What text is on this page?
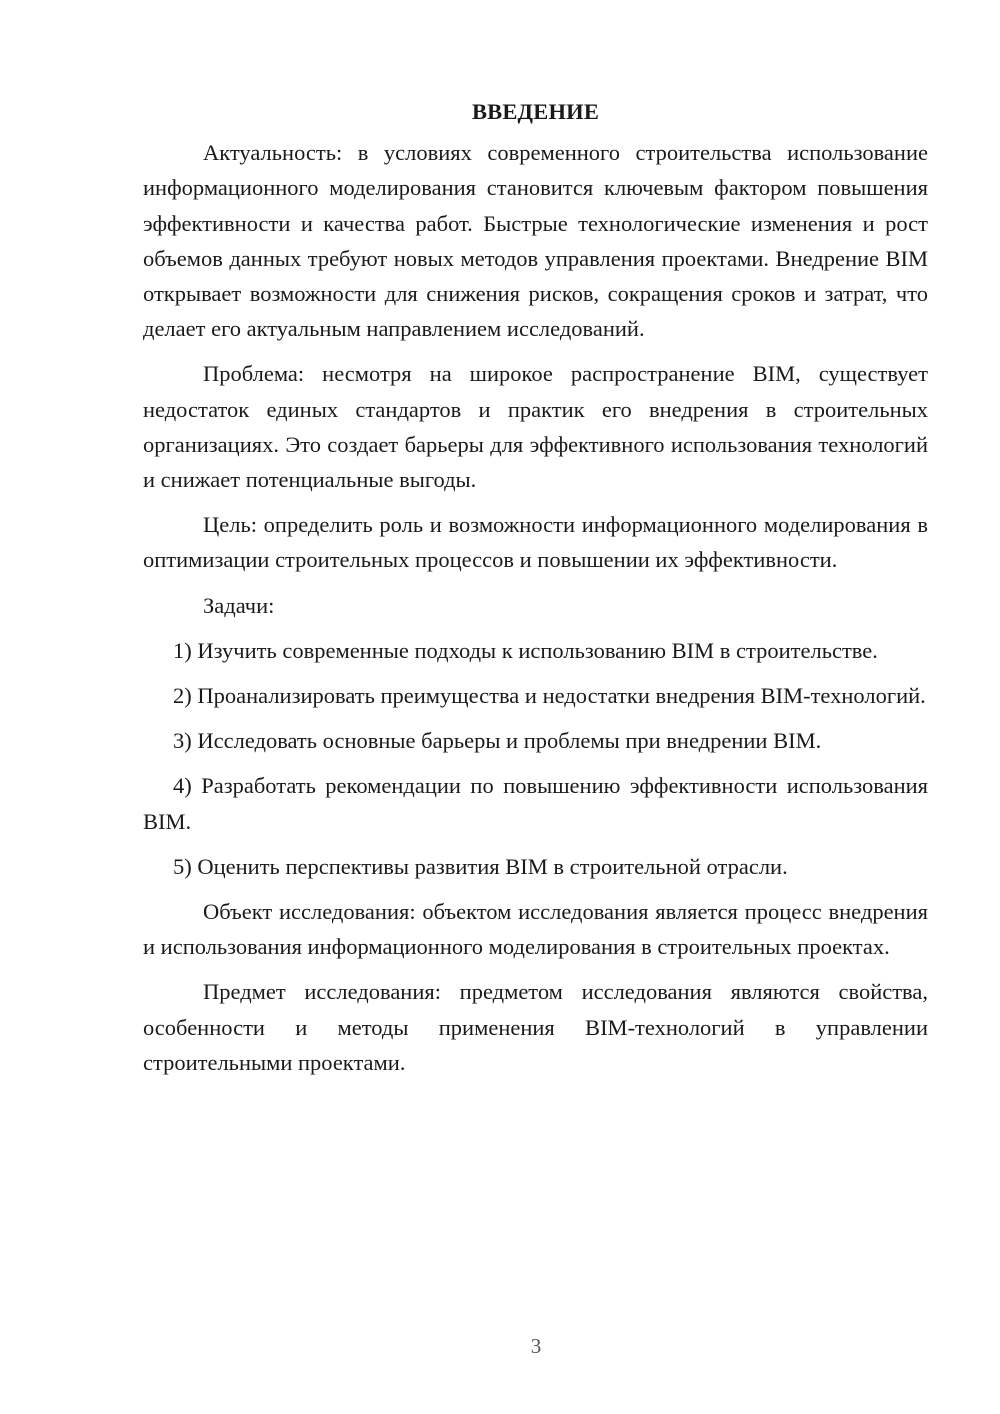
ВВЕДЕНИЕ

Актуальность: в условиях современного строительства использование информационного моделирования становится ключевым фактором повышения эффективности и качества работ. Быстрые технологические изменения и рост объемов данных требуют новых методов управления проектами. Внедрение BIM открывает возможности для снижения рисков, сокращения сроков и затрат, что делает его актуальным направлением исследований.

Проблема: несмотря на широкое распространение BIM, существует недостаток единых стандартов и практик его внедрения в строительных организациях. Это создает барьеры для эффективного использования технологий и снижает потенциальные выгоды.

Цель: определить роль и возможности информационного моделирования в оптимизации строительных процессов и повышении их эффективности.

Задачи:

1) Изучить современные подходы к использованию BIM в строительстве.

2) Проанализировать преимущества и недостатки внедрения BIM-технологий.

3) Исследовать основные барьеры и проблемы при внедрении BIM.

4) Разработать рекомендации по повышению эффективности использования BIM.

5) Оценить перспективы развития BIM в строительной отрасли.

Объект исследования: объектом исследования является процесс внедрения и использования информационного моделирования в строительных проектах.

Предмет исследования: предметом исследования являются свойства, особенности и методы применения BIM-технологий в управлении строительными проектами.

3
